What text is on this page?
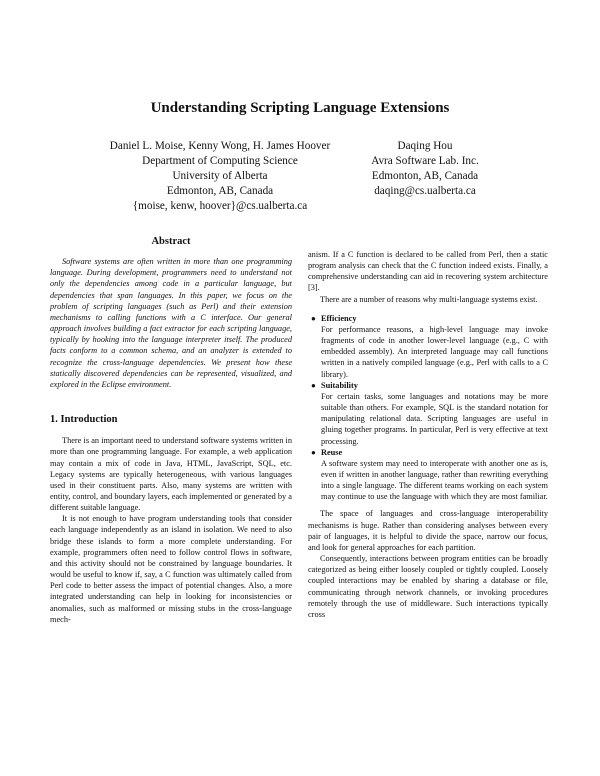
Understanding Scripting Language Extensions
Daniel L. Moise, Kenny Wong, H. James Hoover
Department of Computing Science
University of Alberta
Edmonton, AB, Canada
{moise, kenw, hoover}@cs.ualberta.ca
Daqing Hou
Avra Software Lab. Inc.
Edmonton, AB, Canada
daqing@cs.ualberta.ca
Abstract

Software systems are often written in more than one programming language. During development, programmers need to understand not only the dependencies among code in a particular language, but dependencies that span languages. In this paper, we focus on the problem of scripting languages (such as Perl) and their extension mechanisms to calling functions with a C interface. Our general approach involves building a fact extractor for each scripting language, typically by hooking into the language interpreter itself. The produced facts conform to a common schema, and an analyzer is extended to recognize the cross-language dependencies. We present how these statically discovered dependencies can be represented, visualized, and explored in the Eclipse environment.

1. Introduction

There is an important need to understand software systems written in more than one programming language. For example, a web application may contain a mix of code in Java, HTML, JavaScript, SQL, etc. Legacy systems are typically heterogeneous, with various languages used in their constituent parts. Also, many systems are written with entity, control, and boundary layers, each implemented or generated by a different suitable language.

It is not enough to have program understanding tools that consider each language independently as an island in isolation. We need to also bridge these islands to form a more complete understanding. For example, programmers often need to follow control flows in software, and this activity should not be constrained by language boundaries. It would be useful to know if, say, a C function was ultimately called from Perl code to better assess the impact of potential changes. Also, a more integrated understanding can help in looking for inconsistencies or anomalies, such as malformed or missing stubs in the cross-language mech-

anism. If a C function is declared to be called from Perl, then a static program analysis can check that the C function indeed exists. Finally, a comprehensive understanding can aid in recovering system architecture [3].

There are a number of reasons why multi-language systems exist.

● Efficiency
For performance reasons, a high-level language may invoke fragments of code in another lower-level language (e.g., C with embedded assembly). An interpreted language may call functions written in a natively compiled language (e.g., Perl with calls to a C library).
● Suitability
For certain tasks, some languages and notations may be more suitable than others. For example, SQL is the standard notation for manipulating relational data. Scripting languages are useful in gluing together programs. In particular, Perl is very effective at text processing.
● Reuse
A software system may need to interoperate with another one as is, even if written in another language, rather than rewriting everything into a single language. The different teams working on each system may continue to use the language with which they are most familiar.

The space of languages and cross-language interoperability mechanisms is huge. Rather than considering analyses between every pair of languages, it is helpful to divide the space, narrow our focus, and look for general approaches for each partition.

Consequently, interactions between program entities can be broadly categorized as being either loosely coupled or tightly coupled. Loosely coupled interactions may be enabled by sharing a database or file, communicating through network channels, or invoking procedures remotely through the use of middleware. Such interactions typically cross
